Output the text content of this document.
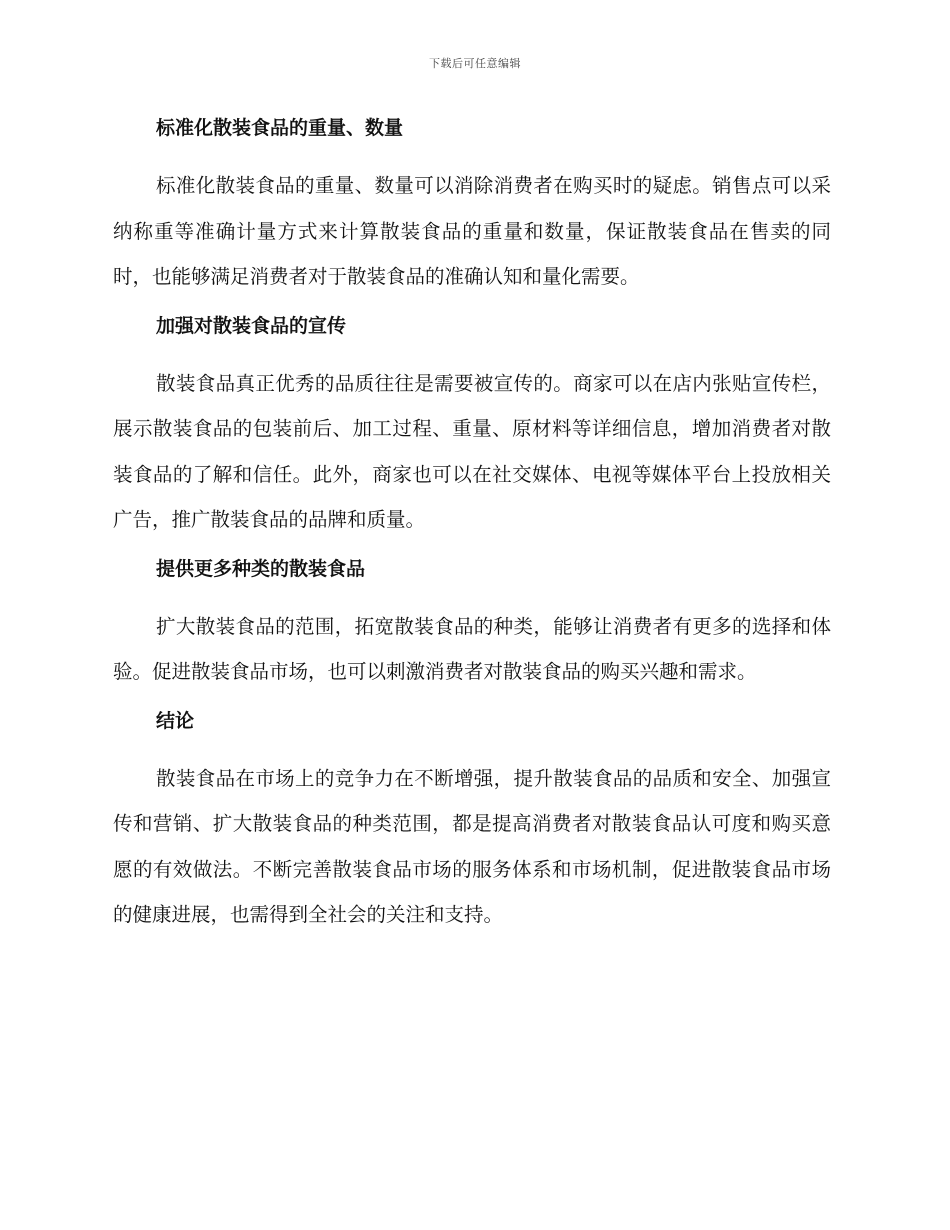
下载后可任意编辑

标准化散装食品的重量、数量

标准化散装食品的重量、数量可以消除消费者在购买时的疑虑。销售点可以采纳称重等准确计量方式来计算散装食品的重量和数量，保证散装食品在售卖的同时，也能够满足消费者对于散装食品的准确认知和量化需要。

加强对散装食品的宣传

散装食品真正优秀的品质往往是需要被宣传的。商家可以在店内张贴宣传栏，展示散装食品的包装前后、加工过程、重量、原材料等详细信息，增加消费者对散装食品的了解和信任。此外，商家也可以在社交媒体、电视等媒体平台上投放相关广告，推广散装食品的品牌和质量。

提供更多种类的散装食品

扩大散装食品的范围，拓宽散装食品的种类，能够让消费者有更多的选择和体验。促进散装食品市场，也可以刺激消费者对散装食品的购买兴趣和需求。

结论

散装食品在市场上的竞争力在不断增强，提升散装食品的品质和安全、加强宣传和营销、扩大散装食品的种类范围，都是提高消费者对散装食品认可度和购买意愿的有效做法。不断完善散装食品市场的服务体系和市场机制，促进散装食品市场的健康进展，也需得到全社会的关注和支持。
